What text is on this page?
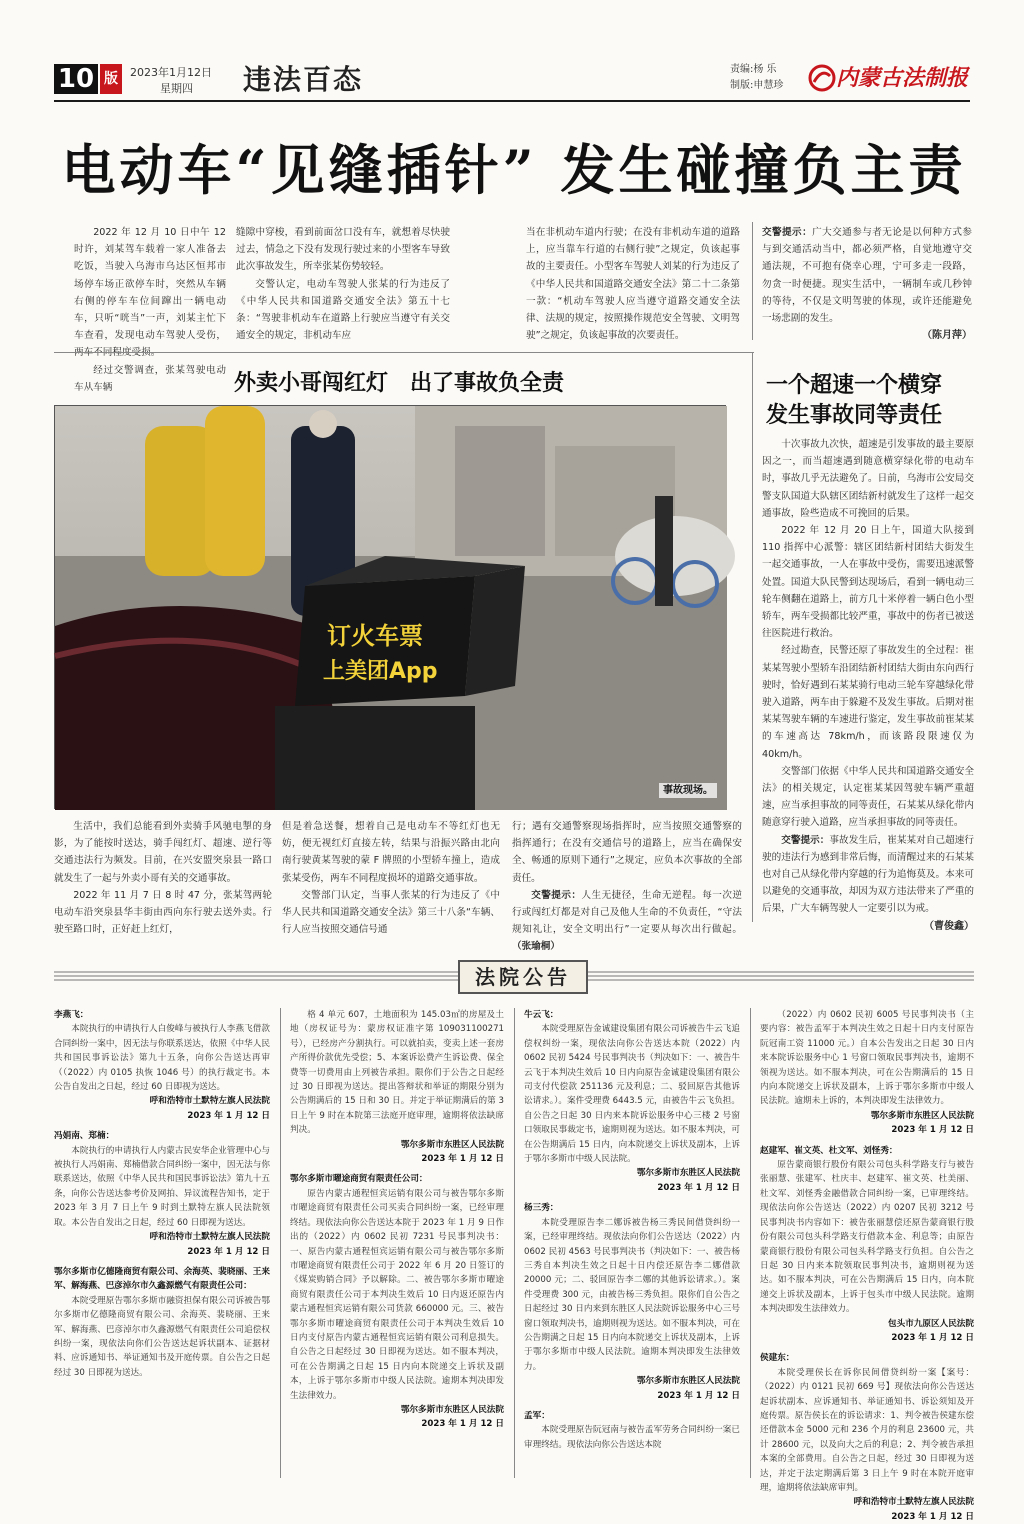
10 版	2023年1月12日
星期四 违法百态	责编:杨 乐
制版:申慧珍 内蒙古法制报
电动车“见缝插针” 发生碰撞负主责

2022 年 12 月 10 日中午 12 时许，刘某驾车载着一家人准备去吃饭，当驶入乌海市乌达区恒邦市场停车场正欲停车时，突然从车辆右侧的停车车位间蹿出一辆电动车，只听“咣当”一声，刘某主忙下车查看，发现电动车驾驶人受伤，

经过交警调查，张某驾驶电动车从车辆

缝隙中穿梭，看到前面岔口没有车，就想着尽快驶过去，情急之下没有发现行驶过来的小型客车导致此次事故发生，所幸张某伤势较轻。

交警认定，电动车驾驶人张某的行为违反了《中华人民共和国道路交通安全法》第五十七条：“驾驶非机动车在道路上行驶应当遵守有关交通安全的规定，非机动车应

当在非机动车道内行驶；在没有非机动车道的道路上，应当靠车行道的右侧行驶”之规定，负该起事故的主要责任。小型客车驾驶人刘某的行为违反了《中华人民共和国道路交通安全法》第二十二条第一款：“机动车驾驶人应当遵守道路交通安全法律、法规的规定，按照操作规范安全驾驶、文明驾驶”之规定，负该起事故的次要责任。

交警提示：广大交通参与者无论是以何种方式参与到交通活动当中，都必须严格，自觉地遵守交通法规，不可抱有侥幸心理，宁可多走一段路，勿贪一时便捷。现实生活中，一辆制车或几秒钟的等待，不仅是文明驾驶的体现，或许还能避免一场悲剧的发生。
（陈月萍）
外卖小哥闯红灯　出了事故负全责
订火车票
上美团App
事故现场。

生活中，我们总能看到外卖骑手风驰电掣的身影，为了能按时送达，骑手闯红灯、超速、逆行等交通违法行为频发。目前，在兴安盟突泉县一路口就发生了一起与外卖小哥有关的交通事故。

2022 年 11 月 7 日 8 时 47 分，张某驾两轮电动车沿突泉县华丰街由西向东行驶去送外卖。行驶至路口时，正好赶上红灯，

但是着急送餐，想着自己是电动车不等红灯也无妨，便无视红灯直接左转，结果与沿振兴路由北向南行驶黄某驾驶的蒙 F 牌照的小型轿车撞上，造成张某受伤，两车不同程度损坏的道路交通事故。

交警部门认定，当事人张某的行为违反了《中华人民共和国道路交通安全法》第三十八条“车辆、行人应当按照交通信号通

行；遇有交通警察现场指挥时，应当按照交通警察的指挥通行；在没有交通信号的道路上，应当在确保安全、畅通的原则下通行”之规定，应负本次事故的全部责任。

交警提示：人生无捷径，生命无逆程。每一次逆行或闯红灯都是对自己及他人生命的不负责任，“守法规知礼让，安全文明出行”一定要从每次出行做起。 （张瑜桐）

一个超速一个横穿
发生事故同等责任

十次事故九次快，超速是引发事故的最主要原因之一，而当超速遇到随意横穿绿化带的电动车时，事故几乎无法避免了。日前，乌海市公安局交警支队国道大队辖区团结新村就发生了这样一起交通事故，险些造成不可挽回的后果。

2022 年 12 月 20 日上午，国道大队接到 110 指挥中心派警：辖区团结新村团结大街发生一起交通事故，一人在事故中受伤，需要迅速派警处置。国道大队民警到达现场后，看到一辆电动三轮车侧翻在道路上，前方几十米停着一辆白色小型轿车，两车受损都比较严重，事故中的伤者已被送往医院进行救治。

经过勘查，民警还原了事故发生的全过程：崔某某驾驶小型轿车沿团结新村团结大街由东向西行驶时，恰好遇到石某某骑行电动三轮车穿越绿化带驶入道路，两车由于躲避不及发生事故。后期对崔某某驾驶车辆的车速进行鉴定，发生事故前崔某某的车速高达 78km/h，而该路段限速仅为 40km/h。

交警部门依据《中华人民共和国道路交通安全法》的相关规定，认定崔某某因驾驶车辆严重超速，应当承担事故的同等责任，石某某从绿化带内随意穿行驶入道路，应当承担事故的同等责任。

交警提示：事故发生后，崔某某对自己超速行驶的违法行为感到非常后悔，而清醒过来的石某某也对自己从绿化带内穿越的行为追悔莫及。本来可以避免的交通事故，却因为双方违法带来了严重的后果，广大车辆驾驶人一定要引以为戒。

（曹俊鑫）
法院公告

李燕飞：

本院执行的申请执行人白俊峰与被执行人李燕飞借款合同纠纷一案中，因无法与你联系送达，依照《中华人民共和国民事诉讼法》第九十五条，向你公告送达再审（（2022）内 0105 执恢 1046 号）的执行裁定书。本公告自发出之日起，经过 60 日即视为送达。

呼和浩特市土默特左旗人民法院

2023 年 1 月 12 日

冯娟南、郑楠：

本院执行的申请执行人内蒙古民安华企业管理中心与被执行人冯娟南、郑楠借款合同纠纷一案中，因无法与你联系送达，依照《中华人民共和国民事诉讼法》第九十五条，向你公告送达参考价及网拍、异议流程告知书，定于 2023 年 3 月 7 日上午 9 时到土默特左旗人民法院领取。本公告自发出之日起，经过 60 日即视为送达。

呼和浩特市土默特左旗人民法院

2023 年 1 月 12 日

鄂尔多斯市亿德隆商贸有限公司、余海英、裴晓丽、王来军、解海燕、巴彦淖尔市久鑫源燃气有限责任公司：

本院受理原告鄂尔多斯市融资担保有限公司诉被告鄂尔多斯市亿德隆商贸有限公司、余海英、裴晓丽、王来军、解海燕、巴彦淖尔市久鑫源燃气有限责任公司追偿权纠纷一案，现依法向你们公告送达起诉状副本、证据材料、应诉通知书、举证通知书及开庭传票。自公告之日起经过 30 日即视为送达。

格 4 单元 607，土地面积为 145.03㎡的房屋及土地（房权证号为：蒙房权证准字第 109031100271 号），已经房产分割执行。可以就拍卖，变卖上述一套房产所得价款优先受偿；5、本案诉讼费产生诉讼费、保全费等一切费用由上列被告承担。限你们于公告之日起经过 30 日即视为送达。提出答辩状和举证的期限分别为公告期满后的 15 日和 30 日。并定于举证期满后的第 3 日上午 9 时在本院第三法庭开庭审理，逾期将依法缺席判决。

鄂尔多斯市东胜区人民法院

2023 年 1 月 12 日

鄂尔多斯市曜途商贸有限责任公司：

原告内蒙古通程恒宾运销有限公司与被告鄂尔多斯市曜途商贸有限责任公司买卖合同纠纷一案，已经审理终结。现依法向你公告送达本院于 2023 年 1 月 9 日作出的（2022）内 0602 民初 7231 号民事判决书：一、原告内蒙古通程恒宾运销有限公司与被告鄂尔多斯市曜途商贸有限责任公司于 2022 年 6 月 20 日签订的《煤炭购销合同》予以解除。二、被告鄂尔多斯市曜途商贸有限责任公司于本判决生效后 10 日内返还原告内蒙古通程恒宾运销有限公司货款 660000 元。三、被告鄂尔多斯市曜途商贸有限责任公司于本判决生效后 10 日内支付原告内蒙古通程恒宾运销有限公司利息损失。自公告之日起经过 30 日即视为送达。如不服本判决，可在公告期满之日起 15 日内向本院递交上诉状及副本，上诉于鄂尔多斯市中级人民法院。逾期本判决即发生法律效力。

鄂尔多斯市东胜区人民法院

2023 年 1 月 12 日

牛云飞：

本院受理原告金诚建设集团有限公司诉被告牛云飞追偿权纠纷一案，现依法向你公告送达本院（2022）内 0602 民初 5424 号民事判决书（判决如下：一、被告牛云飞于本判决生效后 10 日内向原告金诚建设集团有限公司支付代偿款 251136 元及利息；二、驳回原告其他诉讼请求。）。案件受理费 6443.5 元，由被告牛云飞负担。自公告之日起 30 日内来本院诉讼服务中心三楼 2 号窗口领取民事裁定书，逾期则视为送达。如不服本判决，可在公告期满后 15 日内，向本院递交上诉状及副本，上诉于鄂尔多斯市中级人民法院。

鄂尔多斯市东胜区人民法院

2023 年 1 月 12 日

杨三秀：

本院受理原告李二娜诉被告杨三秀民间借贷纠纷一案，已经审理终结。现依法向你们公告送达（2022）内 0602 民初 4563 号民事判决书（判决如下：一、被告杨三秀自本判决生效之日起十日内偿还原告李二娜借款 20000 元；二、驳回原告李二娜的其他诉讼请求。）。案件受理费 300 元，由被告杨三秀负担。限你们自公告之日起经过 30 日内来到东胜区人民法院诉讼服务中心三号窗口领取判决书，逾期则视为送达。如不服本判决，可在公告期满之日起 15 日内向本院递交上诉状及副本，上诉于鄂尔多斯市中级人民法院。逾期本判决即发生法律效力。

鄂尔多斯市东胜区人民法院

2023 年 1 月 12 日

孟军：

本院受理原告阮冠南与被告孟军劳务合同纠纷一案已审理终结。现依法向你公告送达本院

（2022）内 0602 民初 6005 号民事判决书（主要内容：被告孟军于本判决生效之日起十日内支付原告阮冠南工资 11000 元。）自本公告发出之日起 30 日内来本院诉讼服务中心 1 号窗口领取民事判决书，逾期不领视为送达。如不服本判决，可在公告期满后的 15 日内向本院递交上诉状及副本，上诉于鄂尔多斯市中级人民法院。逾期未上诉的，本判决即发生法律效力。

鄂尔多斯市东胜区人民法院

2023 年 1 月 12 日

赵建军、崔文英、杜文军、刘怪秀：

原告蒙商银行股份有限公司包头科学路支行与被告张丽慧、张建军、杜庆丰、赵建军、崔文英、杜美丽、杜文军、刘怪秀金融借款合同纠纷一案，已审理终结。现依法向你公告送达（2022）内 0207 民初 3212 号民事判决书内容如下：被告张丽慧偿还原告蒙商银行股份有限公司包头科学路支行借款本金、利息等；由原告蒙商银行股份有限公司包头科学路支行负担。自公告之日起 30 日内来本院领取民事判决书，逾期则视为送达。如不服本判决，可在公告期满后 15 日内，向本院递交上诉状及副本，上诉于包头市中级人民法院。逾期本判决即发生法律效力。

包头市九原区人民法院

2023 年 1 月 12 日

侯建东：

本院受理侯长在诉你民间借贷纠纷一案【案号：（2022）内 0121 民初 669 号】现依法向你公告送达起诉状副本、应诉通知书、举证通知书、诉讼须知及开庭传票。原告侯长在的诉讼请求：1、判令被告侯建东偿还借款本金 5000 元和 236 个月的利息 23600 元，共计 28600 元，以及向大之后的利息；2、判令被告承担本案的全部费用。自公告之日起，经过 30 日即视为送达，并定于法定期满后第 3 日上午 9 时在本院开庭审理，逾期将依法缺席审判。

呼和浩特市土默特左旗人民法院

2023 年 1 月 12 日
